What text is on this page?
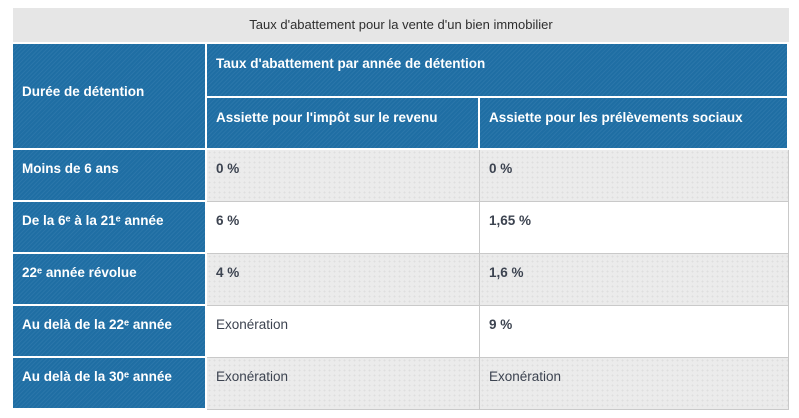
Taux d'abattement pour la vente d'un bien immobilier
Durée de détention	Taux d'abattement par année de détention	
	Assiette pour l'impôt sur le revenu	Assiette pour les prélèvements sociaux
Moins de 6 ans	0 %	0 %
De la 6ᵉ à la 21ᵉ année	6 %	1,65 %
22ᵉ année révolue	4 %	1,6 %
Au delà de la 22ᵉ année	Exonération	9 %
Au delà de la 30ᵉ année	Exonération	Exonération
